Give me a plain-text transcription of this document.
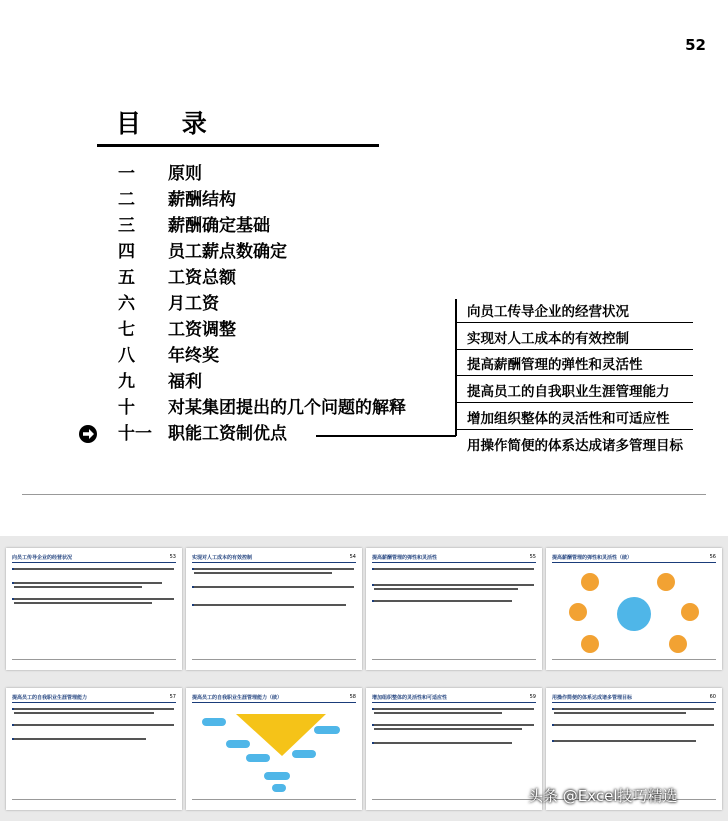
52
目 录
一	原则
二	薪酬结构
三	薪酬确定基础
四	员工薪点数确定
五	工资总额
六	月工资
七	工资调整
八	年终奖
九	福利
十	对某集团提出的几个问题的解释
十一 职能工资制优点
向员工传导企业的经营状况
实现对人工成本的有效控制
提高薪酬管理的弹性和灵活性
提高员工的自我职业生涯管理能力
增加组织整体的灵活性和可适应性
用操作简便的体系达成诸多管理目标
向员工传导企业的经营状况	53	实现对人工成本的有效控制	54	提高薪酬管理的弹性和灵活性	55	提高薪酬管理的弹性和灵活性（续）	56
提高员工的自我职业生涯管理能力	57	提高员工的自我职业生涯管理能力（续）	58	增加组织整体的灵活性和可适应性	59	用操作简便的体系达成诸多管理目标	60
头条 @Excel技巧精选
